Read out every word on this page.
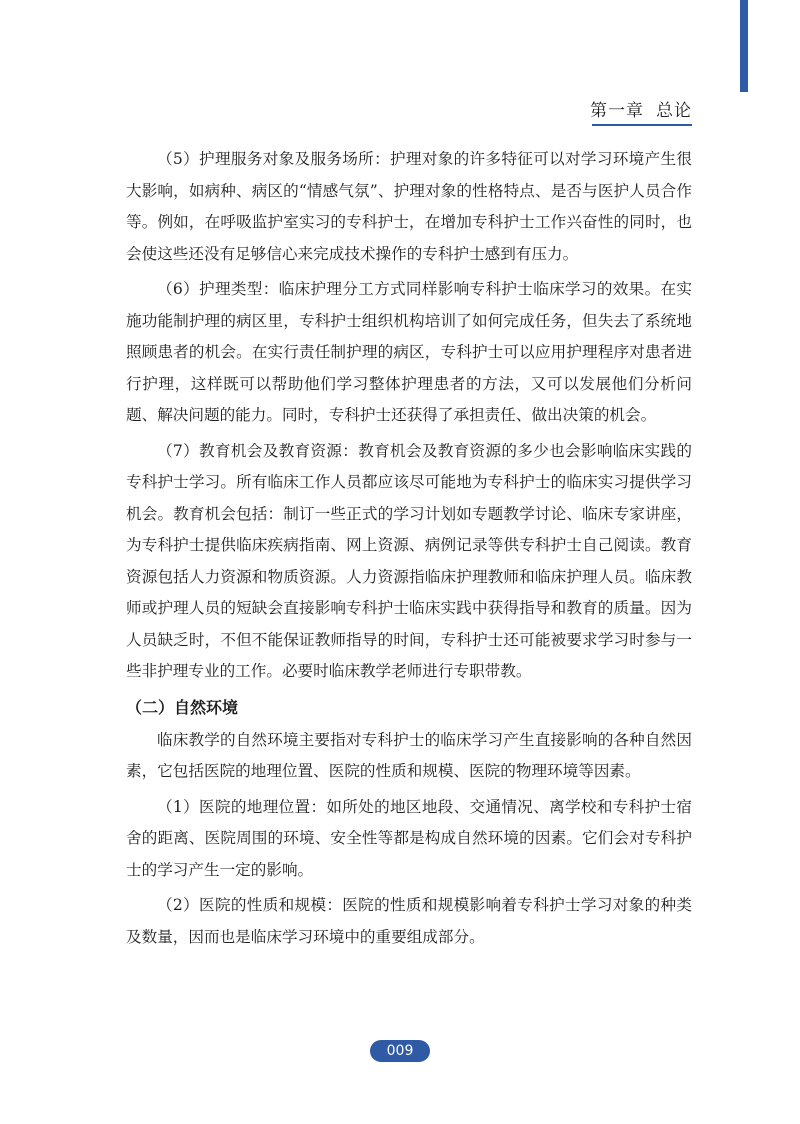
第一章 总论

（5）护理服务对象及服务场所：护理对象的许多特征可以对学习环境产生很大影响，如病种、病区的“情感气氛”、护理对象的性格特点、是否与医护人员合作等。例如，在呼吸监护室实习的专科护士，在增加专科护士工作兴奋性的同时，也会使这些还没有足够信心来完成技术操作的专科护士感到有压力。

（6）护理类型：临床护理分工方式同样影响专科护士临床学习的效果。在实施功能制护理的病区里，专科护士组织机构培训了如何完成任务，但失去了系统地照顾患者的机会。在实行责任制护理的病区，专科护士可以应用护理程序对患者进行护理，这样既可以帮助他们学习整体护理患者的方法，又可以发展他们分析问题、解决问题的能力。同时，专科护士还获得了承担责任、做出决策的机会。

（7）教育机会及教育资源：教育机会及教育资源的多少也会影响临床实践的专科护士学习。所有临床工作人员都应该尽可能地为专科护士的临床实习提供学习机会。教育机会包括：制订一些正式的学习计划如专题教学讨论、临床专家讲座，为专科护士提供临床疾病指南、网上资源、病例记录等供专科护士自己阅读。教育资源包括人力资源和物质资源。人力资源指临床护理教师和临床护理人员。临床教师或护理人员的短缺会直接影响专科护士临床实践中获得指导和教育的质量。因为人员缺乏时，不但不能保证教师指导的时间，专科护士还可能被要求学习时参与一些非护理专业的工作。必要时临床教学老师进行专职带教。

（二）自然环境

临床教学的自然环境主要指对专科护士的临床学习产生直接影响的各种自然因素，它包括医院的地理位置、医院的性质和规模、医院的物理环境等因素。

（1）医院的地理位置：如所处的地区地段、交通情况、离学校和专科护士宿舍的距离、医院周围的环境、安全性等都是构成自然环境的因素。它们会对专科护士的学习产生一定的影响。

（2）医院的性质和规模：医院的性质和规模影响着专科护士学习对象的种类及数量，因而也是临床学习环境中的重要组成部分。

009
